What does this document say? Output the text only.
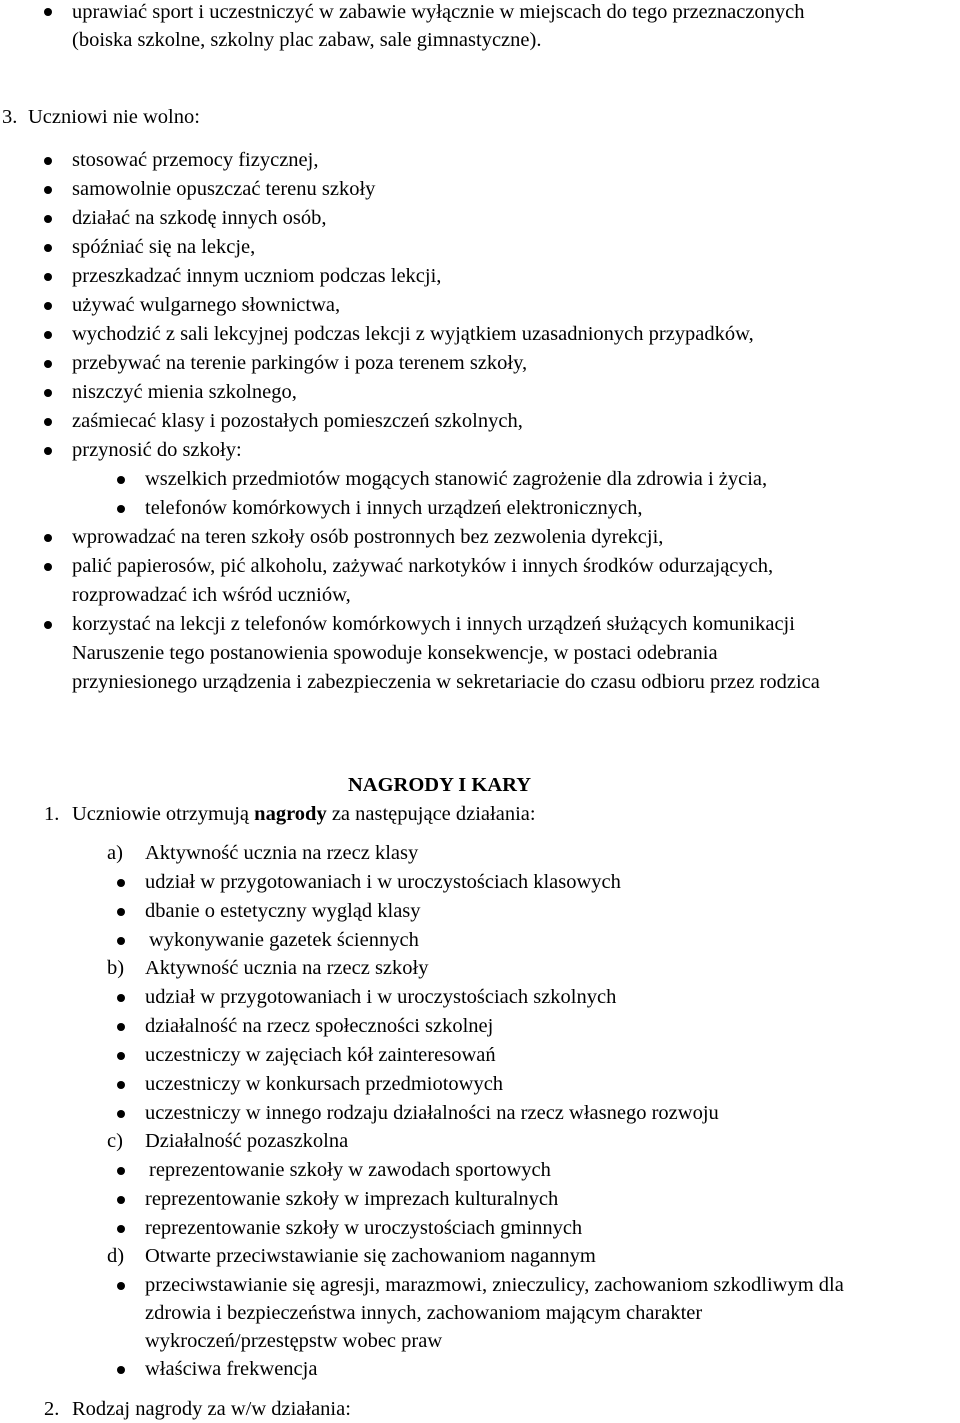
uprawiać sport i uczestniczyć w zabawie wyłącznie w miejscach do tego przeznaczonych
(boiska szkolne, szkolny plac zabaw, sale gimnastyczne).
3. Uczniowi nie wolno:
stosować przemocy fizycznej,
samowolnie opuszczać terenu szkoły
działać na szkodę innych osób,
spóźniać się na lekcje,
przeszkadzać innym uczniom podczas lekcji,
używać wulgarnego słownictwa,
wychodzić z sali lekcyjnej podczas lekcji z wyjątkiem uzasadnionych przypadków,
przebywać na terenie parkingów i poza terenem szkoły,
niszczyć mienia szkolnego,
zaśmiecać klasy i pozostałych pomieszczeń szkolnych,
przynosić do szkoły:
wszelkich przedmiotów mogących stanowić zagrożenie dla zdrowia i życia,
telefonów komórkowych i innych urządzeń elektronicznych,
wprowadzać na teren szkoły osób postronnych bez zezwolenia dyrekcji,
palić papierosów, pić alkoholu, zażywać narkotyków i innych środków odurzających,
rozprowadzać ich wśród uczniów,
korzystać na lekcji z telefonów komórkowych i innych urządzeń służących komunikacji
Naruszenie tego postanowienia spowoduje konsekwencje, w postaci odebrania
przyniesionego urządzenia i zabezpieczenia w sekretariacie do czasu odbioru przez rodzica
NAGRODY I KARY
1. Uczniowie otrzymują nagrody za następujące działania:
a) Aktywność ucznia na rzecz klasy
udział w przygotowaniach i w uroczystościach klasowych
dbanie o estetyczny wygląd klasy
wykonywanie gazetek ściennych
b) Aktywność ucznia na rzecz szkoły
udział w przygotowaniach i w uroczystościach szkolnych
działalność na rzecz społeczności szkolnej
uczestniczy w zajęciach kół zainteresowań
uczestniczy w konkursach przedmiotowych
uczestniczy w innego rodzaju działalności na rzecz własnego rozwoju
c) Działalność pozaszkolna
reprezentowanie szkoły w zawodach sportowych
reprezentowanie szkoły w imprezach kulturalnych
reprezentowanie szkoły w uroczystościach gminnych
d) Otwarte przeciwstawianie się zachowaniom nagannym
przeciwstawianie się agresji, marazmowi, znieczulicy, zachowaniom szkodliwym dla
zdrowia i bezpieczeństwa innych, zachowaniom mającym charakter
wykroczeń/przestępstw wobec praw
właściwa frekwencja
2. Rodzaj nagrody za w/w działania:
